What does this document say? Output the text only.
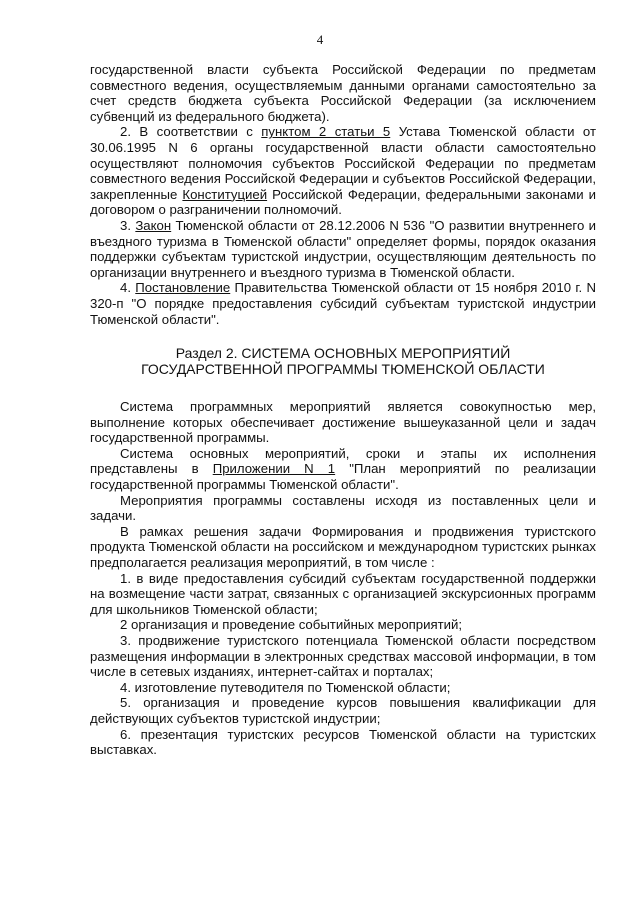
4

государственной власти субъекта Российской Федерации по предметам совместного ведения, осуществляемым данными органами самостоятельно за счет средств бюджета субъекта Российской Федерации (за исключением субвенций из федерального бюджета).

2. В соответствии с пунктом 2 статьи 5 Устава Тюменской области от 30.06.1995 N 6 органы государственной власти области самостоятельно осуществляют полномочия субъектов Российской Федерации по предметам совместного ведения Российской Федерации и субъектов Российской Федерации, закрепленные Конституцией Российской Федерации, федеральными законами и договором о разграничении полномочий.

3. Закон Тюменской области от 28.12.2006 N 536 "О развитии внутреннего и въездного туризма в Тюменской области" определяет формы, порядок оказания поддержки субъектам туристской индустрии, осуществляющим деятельность по организации внутреннего и въездного туризма в Тюменской области.

4. Постановление Правительства Тюменской области от 15 ноября 2010 г. N 320-п "О порядке предоставления субсидий субъектам туристской индустрии Тюменской области".

Раздел 2. СИСТЕМА ОСНОВНЫХ МЕРОПРИЯТИЙ
ГОСУДАРСТВЕННОЙ ПРОГРАММЫ ТЮМЕНСКОЙ ОБЛАСТИ

Система программных мероприятий является совокупностью мер, выполнение которых обеспечивает достижение вышеуказанной цели и задач государственной программы.

Система основных мероприятий, сроки и этапы их исполнения представлены в Приложении N 1 "План мероприятий по реализации государственной программы Тюменской области".

Мероприятия программы составлены исходя из поставленных цели и задачи.

В рамках решения задачи Формирования и продвижения туристского продукта Тюменской области на российском и международном туристских рынках предполагается реализация мероприятий, в том числе :

1. в виде предоставления субсидий субъектам государственной поддержки на возмещение части затрат, связанных с организацией экскурсионных программ для школьников Тюменской области;

2 организация и проведение событийных мероприятий;

3. продвижение туристского потенциала Тюменской области посредством размещения информации в электронных средствах массовой информации, в том числе в сетевых изданиях, интернет-сайтах и порталах;

4. изготовление путеводителя по Тюменской области;

5. организация и проведение курсов повышения квалификации для действующих субъектов туристской индустрии;

6. презентация туристских ресурсов Тюменской области на туристских выставках.
